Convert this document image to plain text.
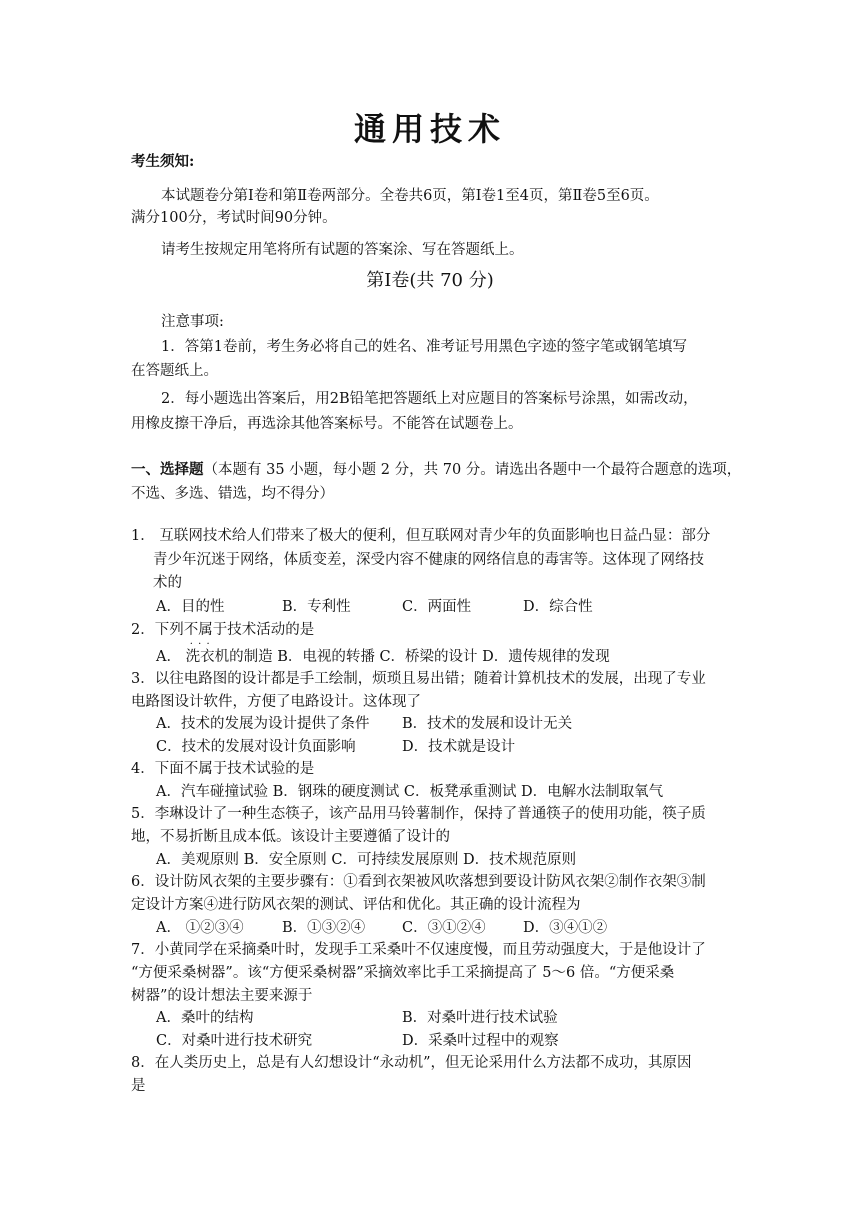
通用技术
考生须知:
本试题卷分第Ⅰ卷和第Ⅱ卷两部分。全卷共6页，第Ⅰ卷1至4页，第Ⅱ卷5至6页。
满分100分，考试时间90分钟。
请考生按规定用笔将所有试题的答案涂、写在答题纸上。
第Ⅰ卷(共 70 分)
注意事项:
1．答第1卷前，考生务必将自己的姓名、准考证号用黑色字迹的签字笔或钢笔填写
在答题纸上。
2．每小题选出答案后，用2B铅笔把答题纸上对应题目的答案标号涂黑，如需改动，
用橡皮擦干净后，再选涂其他答案标号。不能答在试题卷上。
一、选择题（本题有 35 小题，每小题 2 分，共 70 分。请选出各题中一个最符合题意的选项，
不选、多选、错选，均不得分）
1． 互联网技术给人们带来了极大的便利，但互联网对青少年的负面影响也日益凸显：部分
青少年沉迷于网络，体质变差，深受内容不健康的网络信息的毒害等。这体现了网络技
术的
A．目的性	B．专利性	C．两面性	D．综合性
2．下列不属于 · · ·技术活动的是
A． 洗衣机的制造 B．电视的转播 C．桥梁的设计 D．遗传规律的发现
3．以往电路图的设计都是手工绘制，烦琐且易出错；随着计算机技术的发展，出现了专业
电路图设计软件，方便了电路设计。这体现了
A．技术的发展为设计提供了条件 B．技术的发展和设计无关
C．技术的发展对设计负面影响	D．技术就是设计
4．下面不属于技术试验的是
A．汽车碰撞试验 B．钢珠的硬度测试 C．板凳承重测试 D．电解水法制取氧气
5．李琳设计了一种生态筷子，该产品用马铃薯制作，保持了普通筷子的使用功能，筷子质
地，不易折断且成本低。该设计主要遵循了设计的
A．美观原则 B．安全原则 C．可持续发展原则 D．技术规范原则
6．设计防风衣架的主要步骤有：①看到衣架被风吹落想到要设计防风衣架②制作衣架③制
定设计方案④进行防风衣架的测试、评估和优化。其正确的设计流程为
A． ①②③④	B．①③②④	C．③①②④	D．③④①②
7．小黄同学在采摘桑叶时，发现手工采桑叶不仅速度慢，而且劳动强度大，于是他设计了
“方便采桑树器”。该“方便采桑树器”采摘效率比手工采摘提高了 5～6 倍。“方便采桑
树器”的设计想法主要来源于
A．桑叶的结构	B．对桑叶进行技术试验
C．对桑叶进行技术研究	D．采桑叶过程中的观察
8．在人类历史上，总是有人幻想设计“永动机”，但无论采用什么方法都不成功，其原因
是
